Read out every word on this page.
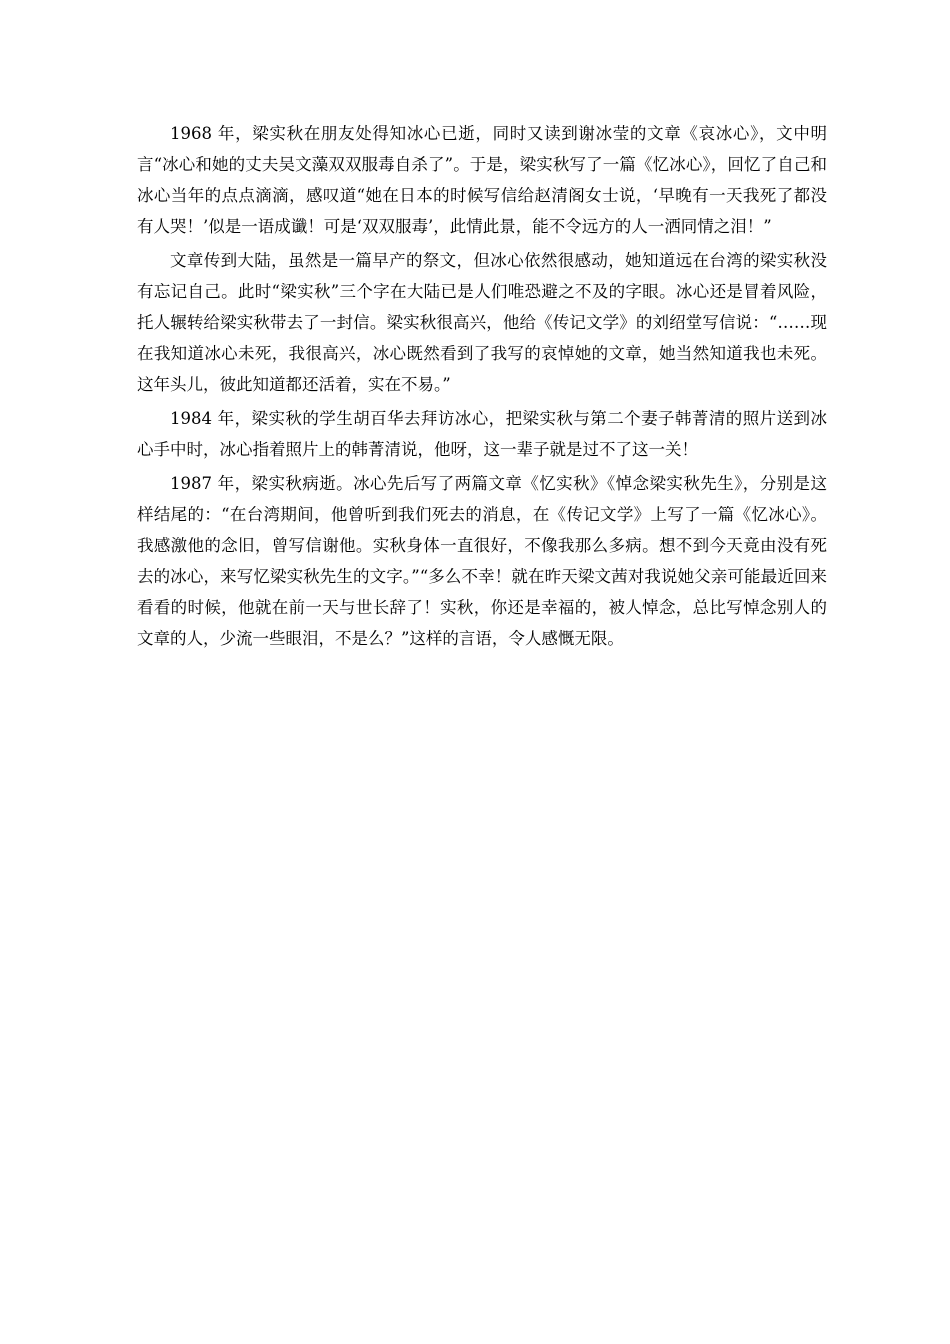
1968 年，梁实秋在朋友处得知冰心已逝，同时又读到谢冰莹的文章《哀冰心》，文中明言“冰心和她的丈夫吴文藻双双服毒自杀了”。于是，梁实秋写了一篇《忆冰心》，回忆了自己和冰心当年的点点滴滴，感叹道“她在日本的时候写信给赵清阁女士说，‘早晚有一天我死了都没有人哭！’似是一语成谶！可是‘双双服毒’，此情此景，能不令远方的人一洒同情之泪！”

文章传到大陆，虽然是一篇早产的祭文，但冰心依然很感动，她知道远在台湾的梁实秋没有忘记自己。此时“梁实秋”三个字在大陆已是人们唯恐避之不及的字眼。冰心还是冒着风险，托人辗转给梁实秋带去了一封信。梁实秋很高兴，他给《传记文学》的刘绍堂写信说：“……现在我知道冰心未死，我很高兴，冰心既然看到了我写的哀悼她的文章，她当然知道我也未死。这年头儿，彼此知道都还活着，实在不易。”

1984 年，梁实秋的学生胡百华去拜访冰心，把梁实秋与第二个妻子韩菁清的照片送到冰心手中时，冰心指着照片上的韩菁清说，他呀，这一辈子就是过不了这一关！

1987 年，梁实秋病逝。冰心先后写了两篇文章《忆实秋》《悼念梁实秋先生》，分别是这样结尾的：“在台湾期间，他曾听到我们死去的消息，在《传记文学》上写了一篇《忆冰心》。我感激他的念旧，曾写信谢他。实秋身体一直很好，不像我那么多病。想不到今天竟由没有死去的冰心，来写忆梁实秋先生的文字。”“多么不幸！就在昨天梁文茜对我说她父亲可能最近回来看看的时候，他就在前一天与世长辞了！实秋，你还是幸福的，被人悼念，总比写悼念别人的文章的人，少流一些眼泪，不是么？”这样的言语，令人感慨无限。
